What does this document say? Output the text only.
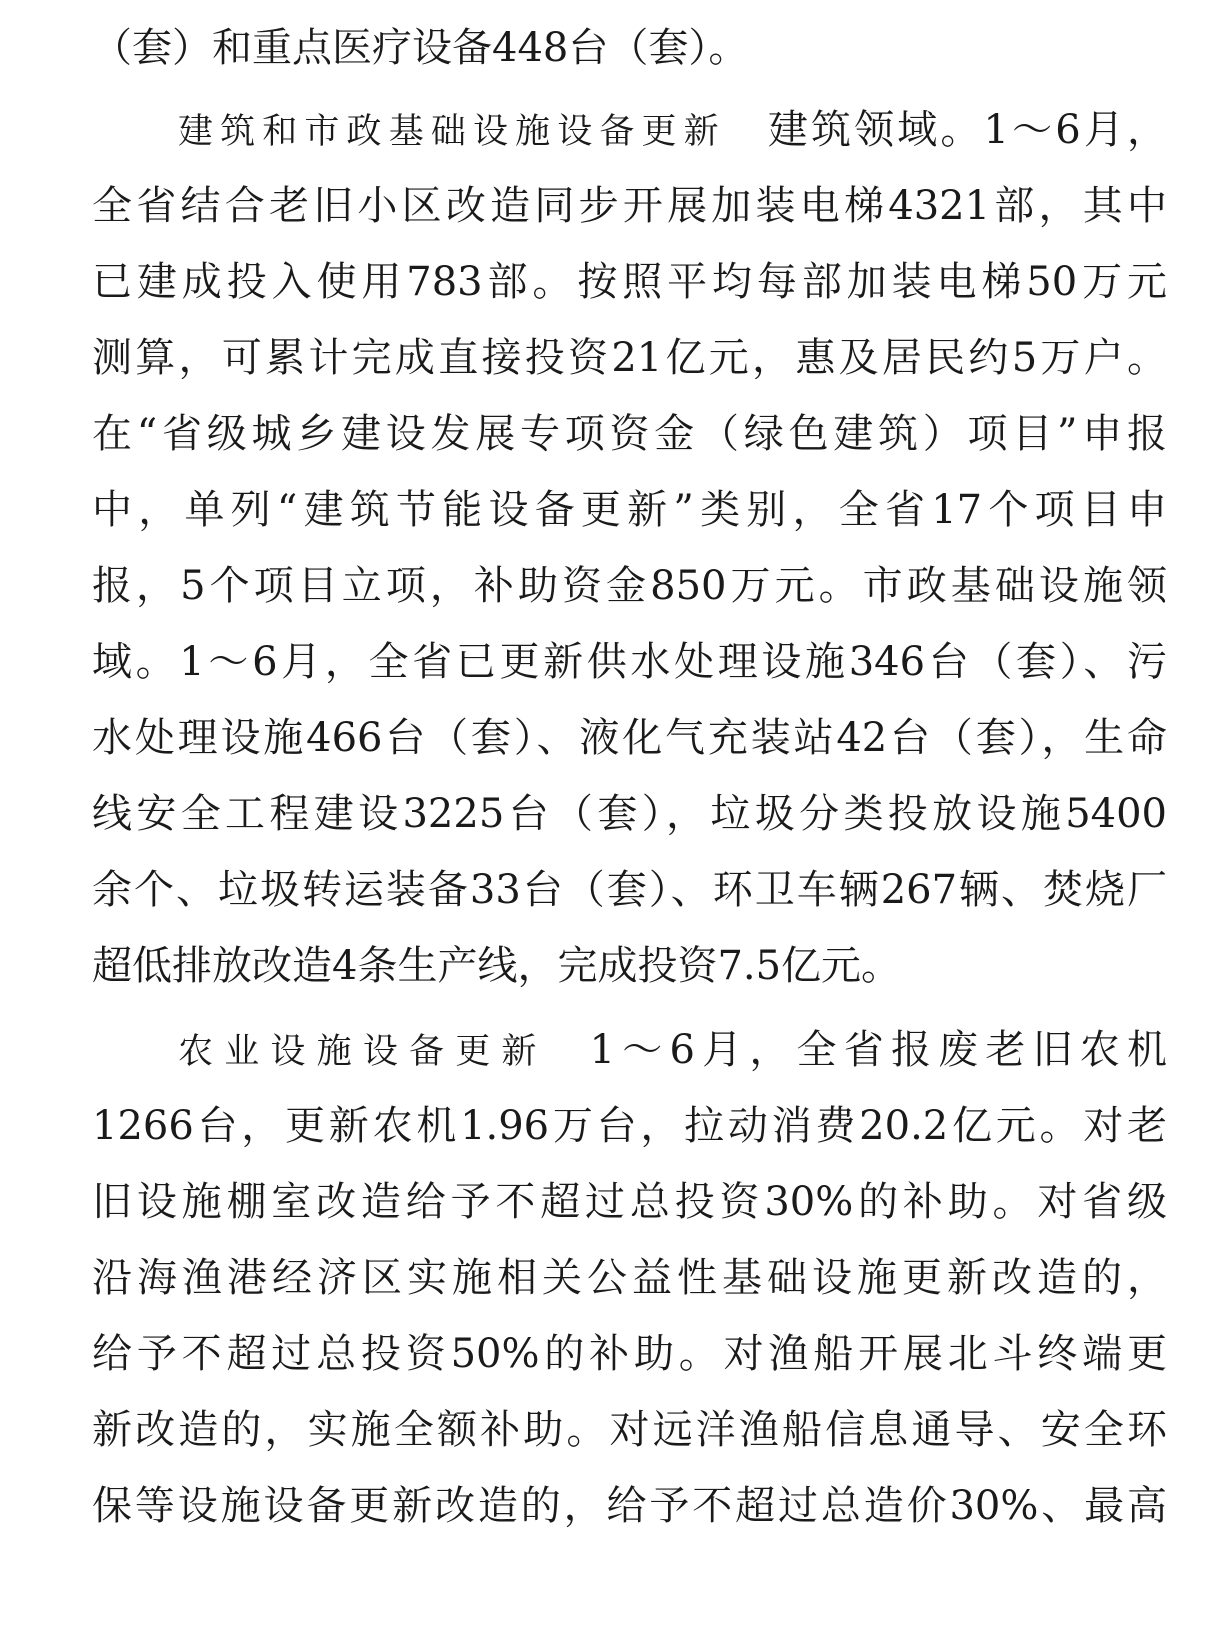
（套）和重点医疗设备448台（套）。
建筑和市政基础设施设备更新 建筑领域。1～6月，
全省结合老旧小区改造同步开展加装电梯4321部，其中
已建成投入使用783部。按照平均每部加装电梯50万元
测算，可累计完成直接投资21亿元，惠及居民约5万户。
在“省级城乡建设发展专项资金（绿色建筑）项目”申报
中，单列“建筑节能设备更新”类别，全省17个项目申
报，5个项目立项，补助资金850万元。市政基础设施领
域。1～6月，全省已更新供水处理设施346台（套）、污
水处理设施466台（套）、液化气充装站42台（套），生命
线安全工程建设3225台（套），垃圾分类投放设施5400
余个、垃圾转运装备33台（套）、环卫车辆267辆、焚烧厂
超低排放改造4条生产线，完成投资7.5亿元。
农业设施设备更新 1～6月，全省报废老旧农机
1266台，更新农机1.96万台，拉动消费20.2亿元。对老
旧设施棚室改造给予不超过总投资30%的补助。对省级
沿海渔港经济区实施相关公益性基础设施更新改造的，
给予不超过总投资50%的补助。对渔船开展北斗终端更
新改造的，实施全额补助。对远洋渔船信息通导、安全环
保等设施设备更新改造的，给予不超过总造价30%、最高
